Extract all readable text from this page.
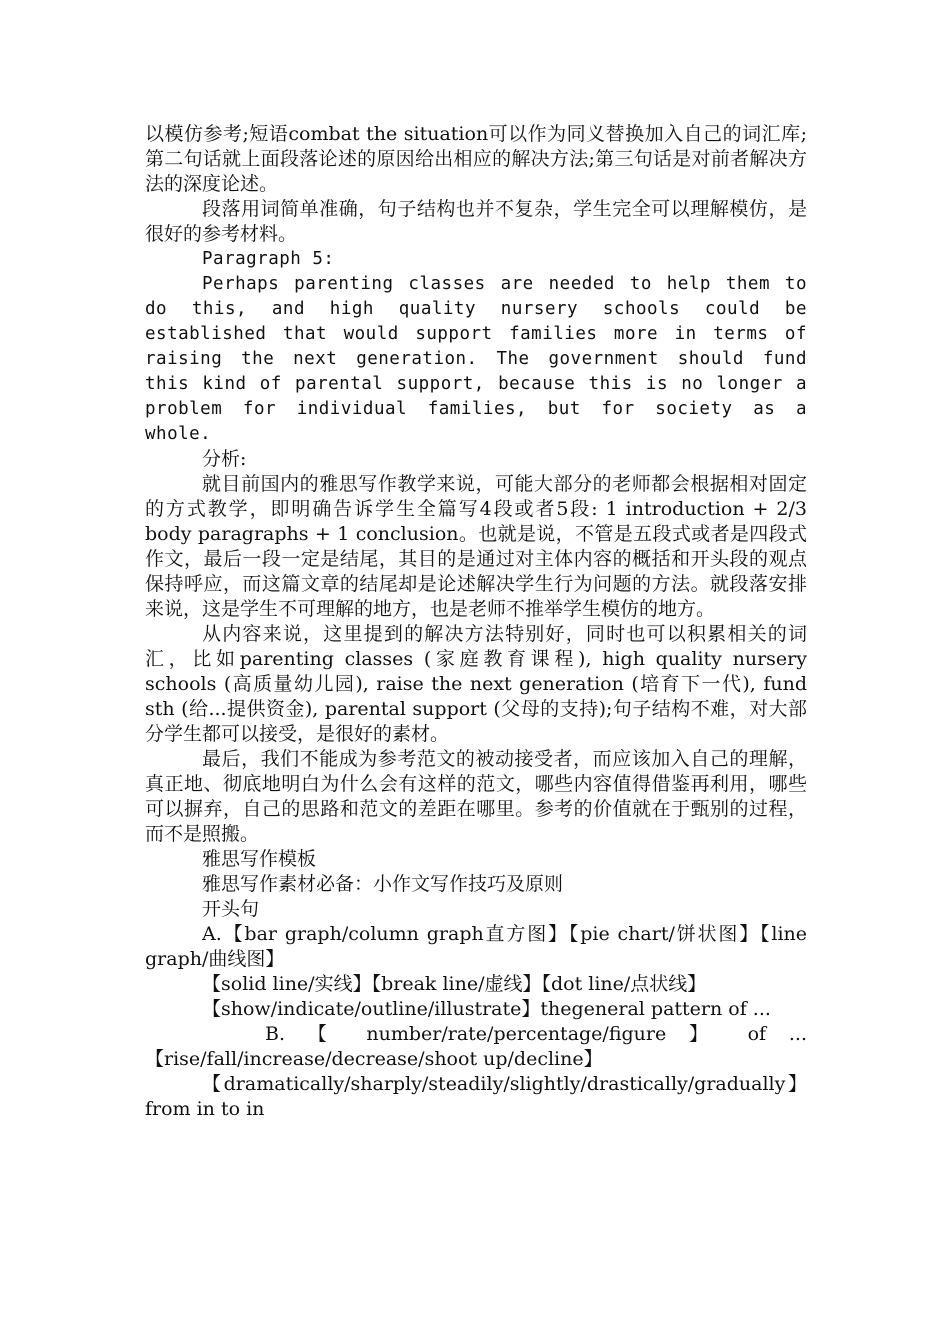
以模仿参考;短语combat the situation可以作为同义替换加入自己的词汇库;第二句话就上面段落论述的原因给出相应的解决方法;第三句话是对前者解决方法的深度论述。

段落用词简单准确，句子结构也并不复杂，学生完全可以理解模仿，是很好的参考材料。

Paragraph 5:

Perhaps parenting classes are needed to help them to do this, and high quality nursery schools could be established that would support families more in terms of raising the next generation. The government should fund this kind of parental support, because this is no longer a problem for individual families, but for society as a whole.

分析:

就目前国内的雅思写作教学来说，可能大部分的老师都会根据相对固定的方式教学，即明确告诉学生全篇写4段或者5段: 1 introduction + 2/3 body paragraphs + 1 conclusion。也就是说，不管是五段式或者是四段式作文，最后一段一定是结尾，其目的是通过对主体内容的概括和开头段的观点保持呼应，而这篇文章的结尾却是论述解决学生行为问题的方法。就段落安排来说，这是学生不可理解的地方，也是老师不推举学生模仿的地方。

从内容来说，这里提到的解决方法特别好，同时也可以积累相关的词汇，比如parenting classes (家庭教育课程), high quality nursery schools (高质量幼儿园), raise the next generation (培育下一代), fund sth (给...提供资金), parental support (父母的支持);句子结构不难，对大部分学生都可以接受，是很好的素材。

最后，我们不能成为参考范文的被动接受者，而应该加入自己的理解，真正地、彻底地明白为什么会有这样的范文，哪些内容值得借鉴再利用，哪些可以摒弃，自己的思路和范文的差距在哪里。参考的价值就在于甄别的过程，而不是照搬。

雅思写作模板

雅思写作素材必备：小作文写作技巧及原则

开头句

A.【bar graph/column graph直方图】【pie chart/饼状图】【line graph/曲线图】

【solid line/实线】【break line/虚线】【dot line/点状线】

【show/indicate/outline/illustrate】thegeneral pattern of ...

B. 【 number/rate/percentage/figure 】 of ... 【rise/fall/increase/decrease/shoot up/decline】

【dramatically/sharply/steadily/slightly/drastically/gradually】from in to in
